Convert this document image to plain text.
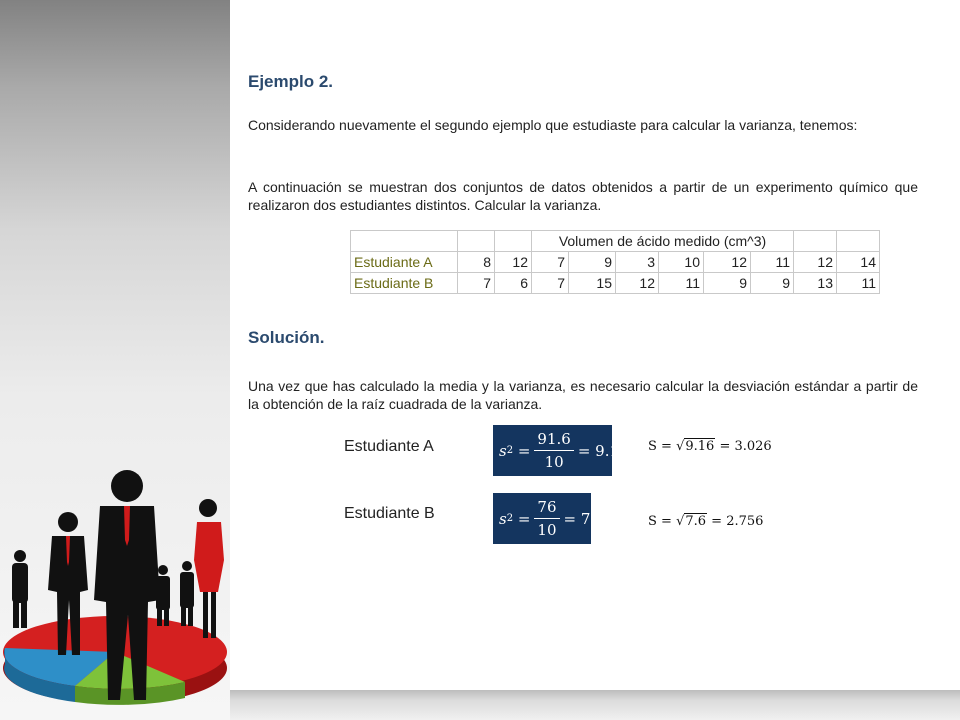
Ejemplo 2.
Considerando nuevamente el segundo ejemplo que estudiaste para calcular la varianza, tenemos:
A continuación se muestran dos conjuntos de datos obtenidos a partir de un experimento químico que realizaron dos estudiantes distintos. Calcular la varianza.
			Volumen de ácido medido (cm^3)							
Estudiante A	8	12	7	9	3	10	12	11	12	14
Estudiante B	7	6	7	15	12	11	9	9	13	11
Solución.
Una vez que has calculado la media y la varianza, es necesario calcular la desviación estándar a partir de la obtención de la raíz cuadrada de la varianza.
Estudiante A	s $2 = \frac{91.6}{10} = 9.16$ S = √9.16 = 3.026
Estudiante B	s $2 = \frac{76}{10} = 7.6$	S = √7.6 = 2.756
